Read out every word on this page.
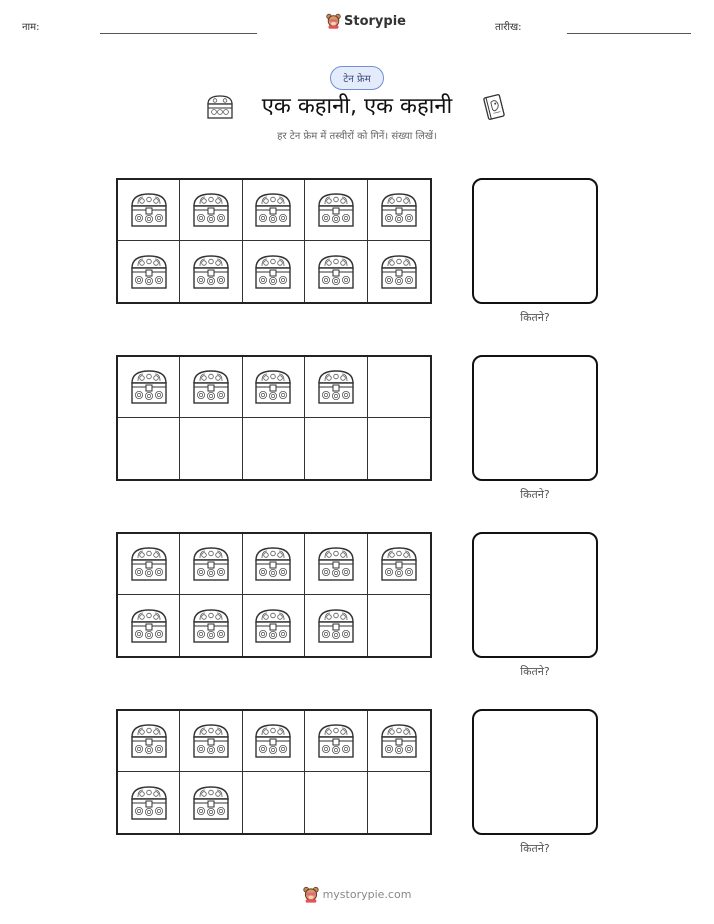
नाम:	Storypie	तारीख:
टेन फ्रेम
एक कहानी, एक कहानी
हर टेन फ्रेम में तस्वीरों को गिनें। संख्या लिखें।
कितने?
कितने?
कितने?
कितने?
mystorypie.com
